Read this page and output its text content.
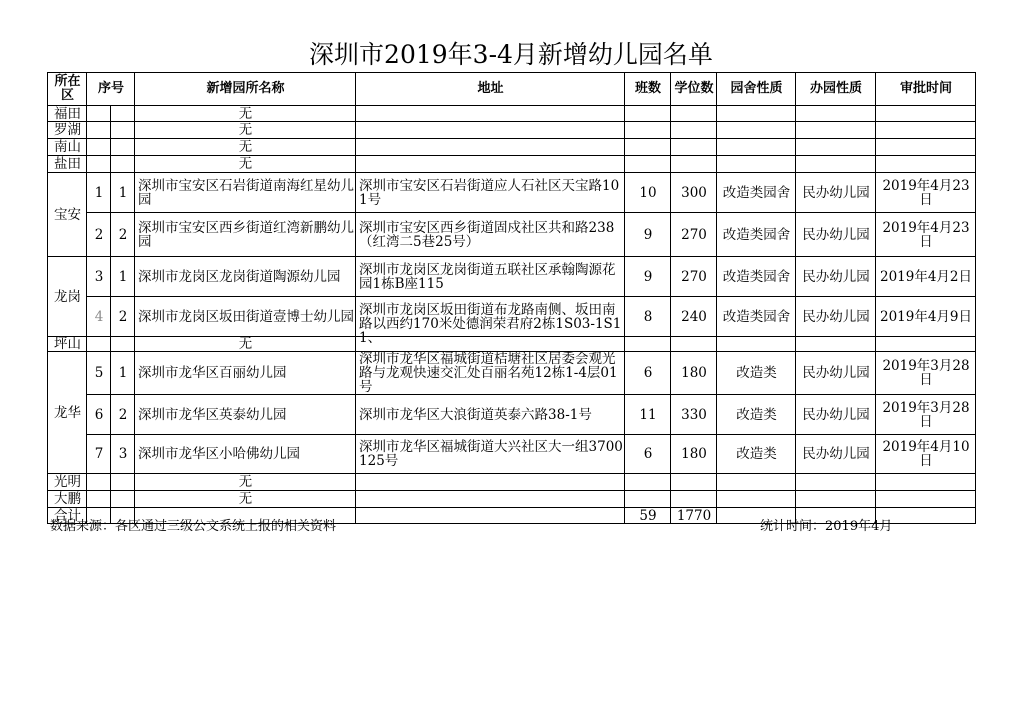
深圳市2019年3-4月新增幼儿园名单
所在区	序号		新增园所名称	地址	班数	学位数	园舍性质	办园性质	审批时间
福田			无						
罗湖			无						
南山			无						
盐田			无						
宝安	1	1	深圳市宝安区石岩街道南海红星幼儿园	深圳市宝安区石岩街道应人石社区天宝路101号	10	300	改造类园舍	民办幼儿园	2019年4月23日
	2	2	深圳市宝安区西乡街道红湾新鹏幼儿园	深圳市宝安区西乡街道固戍社区共和路238（红湾二5巷25号）	9	270	改造类园舍	民办幼儿园	2019年4月23日
龙岗	3	1	深圳市龙岗区龙岗街道陶源幼儿园	深圳市龙岗区龙岗街道五联社区承翰陶源花园1栋B座115	9	270	改造类园舍	民办幼儿园	2019年4月2日
	4	2	深圳市龙岗区坂田街道壹博士幼儿园	深圳市龙岗区坂田街道布龙路南侧、坂田南路以西约170米处德润荣君府2栋1S03-1S11、	8	240	改造类园舍	民办幼儿园	2019年4月9日
坪山			无						
龙华	5	1	深圳市龙华区百丽幼儿园	深圳市龙华区福城街道桔塘社区居委会观光路与龙观快速交汇处百丽名苑12栋1-4层01号	6	180	改造类	民办幼儿园	2019年3月28日
	6	2	深圳市龙华区英泰幼儿园	深圳市龙华区大浪街道英泰六路38-1号	11	330	改造类	民办幼儿园	2019年3月28日
	7	3	深圳市龙华区小哈佛幼儿园	深圳市龙华区福城街道大兴社区大一组3700125号	6	180	改造类	民办幼儿园	2019年4月10日
光明			无						
大鹏			无						
合计					59	1770			
数据来源：各区通过三级公文系统上报的相关资料	统计时间：2019年4月
